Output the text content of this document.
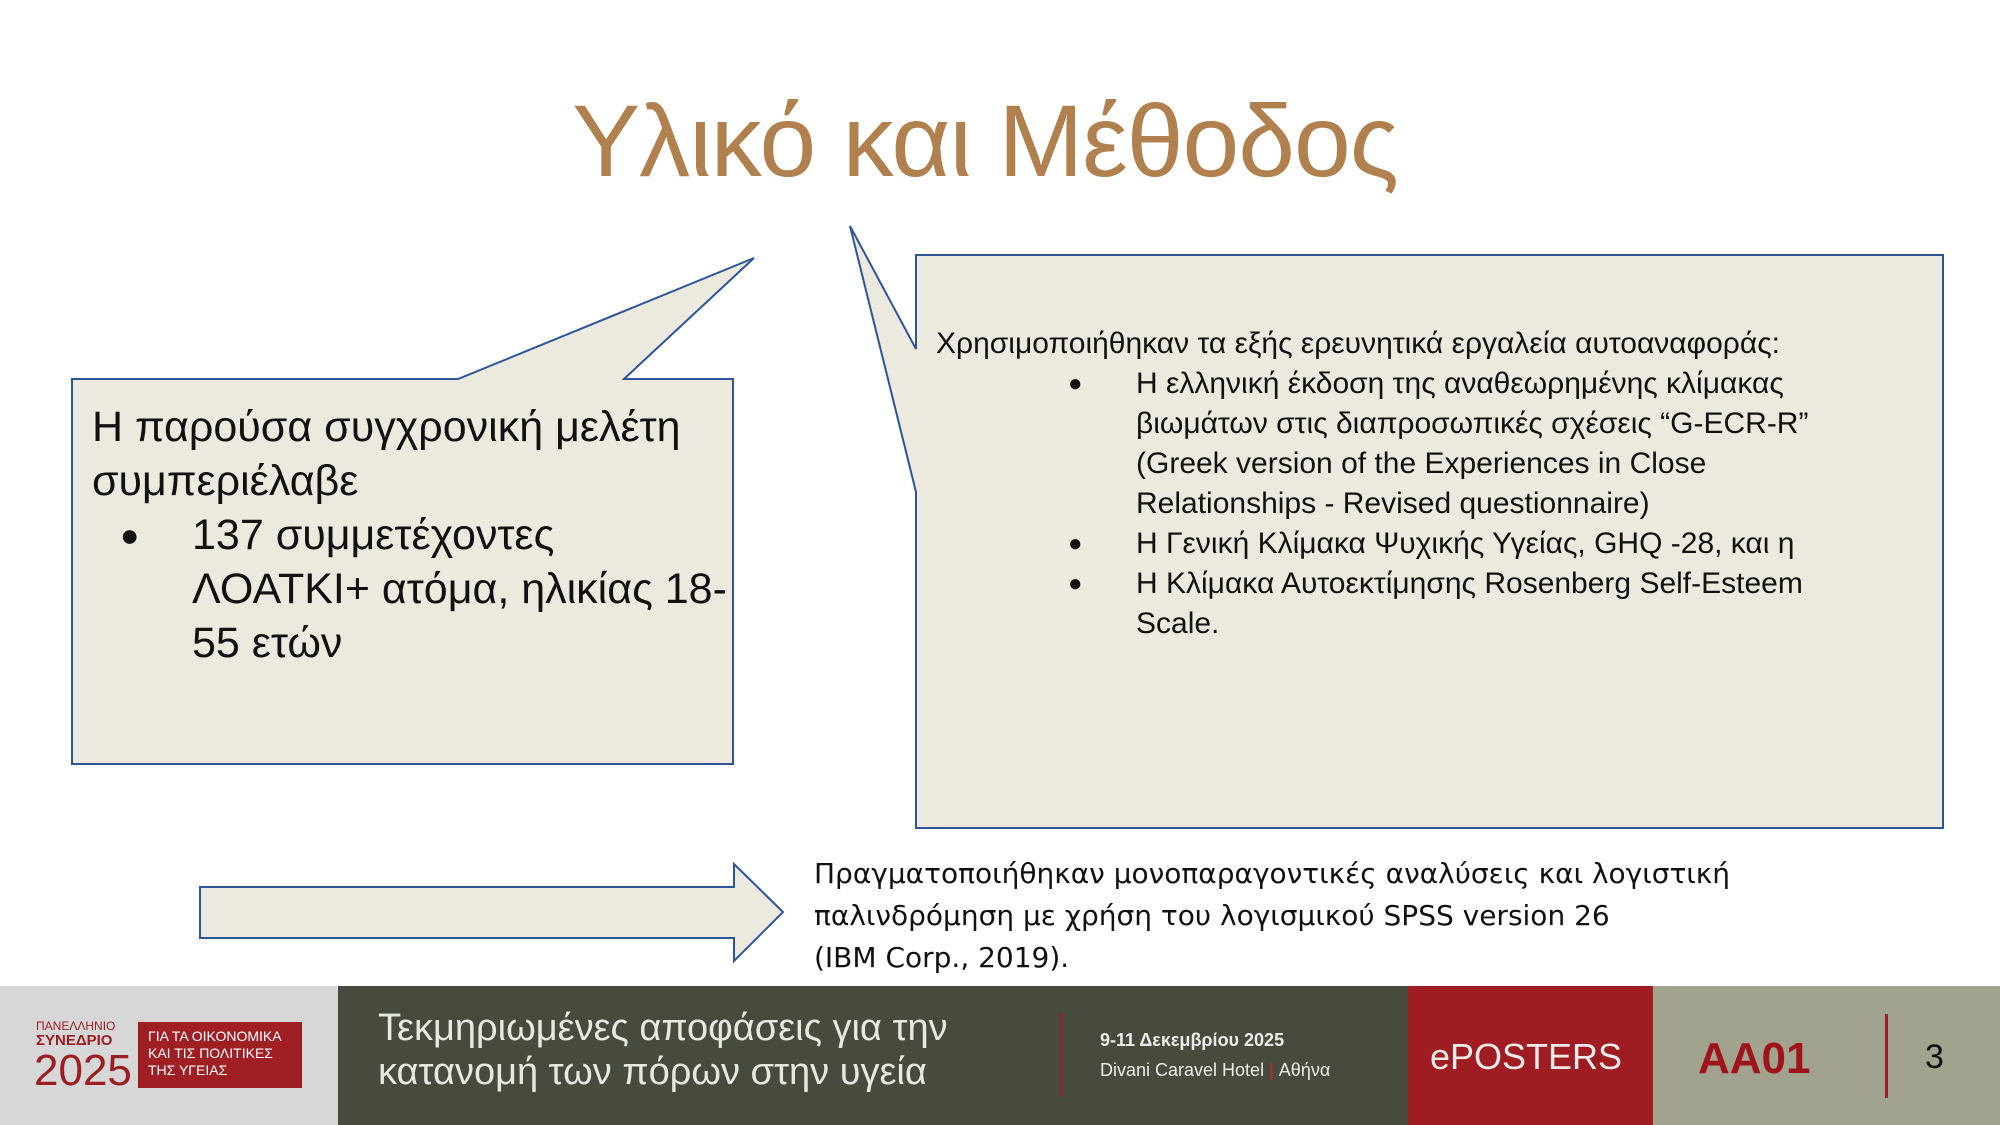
Υλικό και Μέθοδος
Η παρούσα συγχρονική μελέτη συμπεριέλαβε
● 137 συμμετέχοντες ΛΟΑΤΚΙ+ ατόμα, ηλικίας 18-55 ετών
Χρησιμοποιήθηκαν τα εξής ερευνητικά εργαλεία αυτοαναφοράς:
● Η ελληνική έκδοση της αναθεωρημένης κλίμακας βιωμάτων στις διαπροσωπικές σχέσεις “G-ECR-R” (Greek version of the Experiences in Close Relationships - Revised questionnaire)
● Η Γενική Κλίμακα Ψυχικής Υγείας, GHQ -28, και η
● Η Κλίμακα Αυτοεκτίμησης Rosenberg Self-Esteem Scale.
Πραγματοποιήθηκαν μονοπαραγοντικές αναλύσεις και λογιστική
παλινδρόμηση με χρήση του λογισμικού SPSS version 26
(IBM Corp., 2019).
ΠΑΝΕΛΛΗΝΙΟ
ΣΥΝΕΔΡΙΟ
2025
ΓΙΑ ΤΑ ΟΙΚΟΝΟΜΙΚΑ ΚΑΙ ΤΙΣ ΠΟΛΙΤΙΚΕΣ ΤΗΣ ΥΓΕΙΑΣ
Τεκμηριωμένες αποφάσεις για την κατανομή των πόρων στην υγεία
9-11 Δεκεμβρίου 2025
Divani Caravel Hotel | Αθήνα	ePOSTERS AA01	3
